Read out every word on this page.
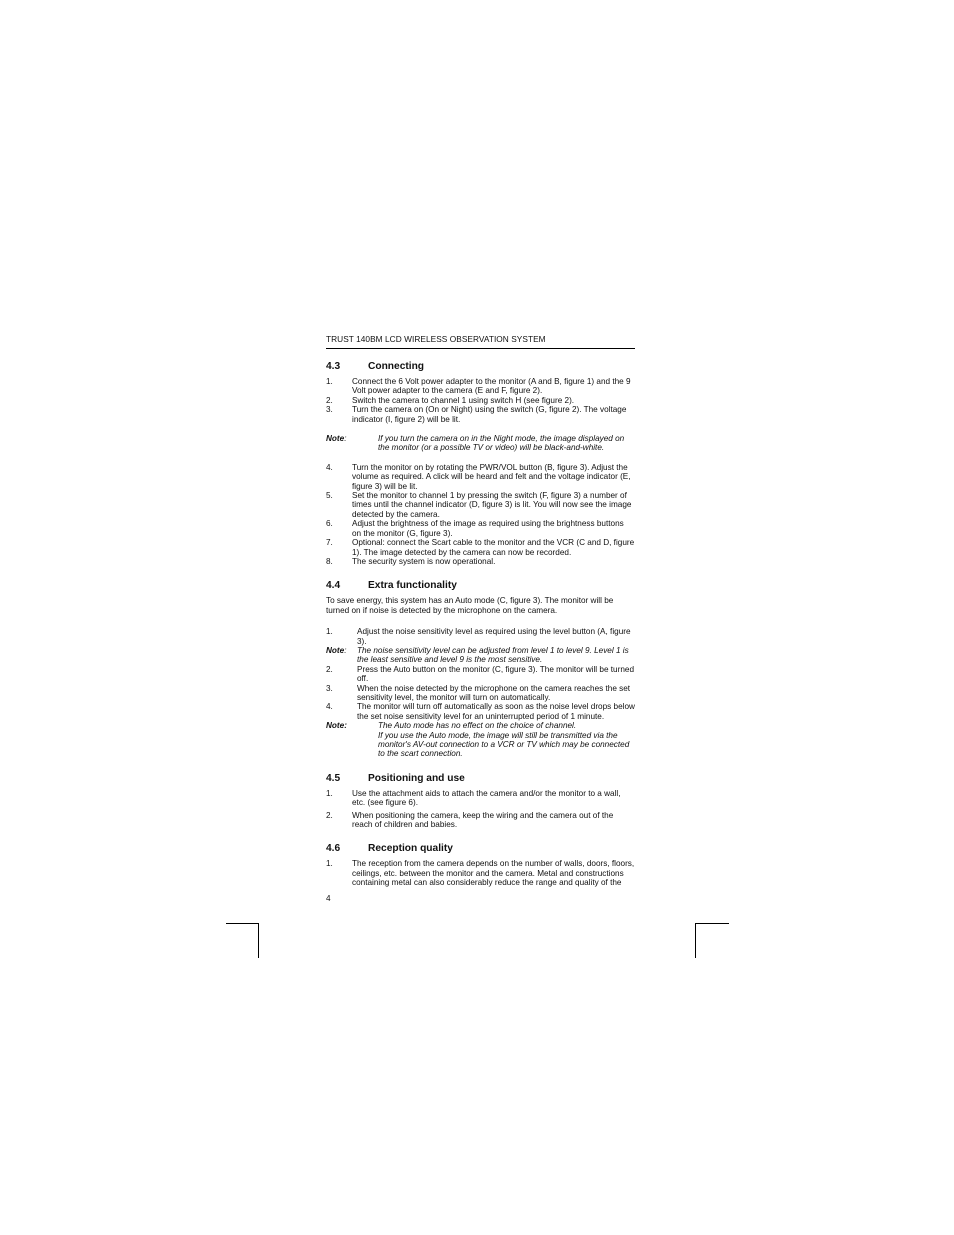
TRUST 140BM LCD WIRELESS OBSERVATION SYSTEM
4.3	Connecting
1.	Connect the 6 Volt power adapter to the monitor (A and B, figure 1) and the 9 Volt power adapter to the camera (E and F, figure 2).
2.	Switch the camera to channel 1 using switch H (see figure 2).
3.	Turn the camera on (On or Night) using the switch (G, figure 2). The voltage indicator (I, figure 2) will be lit.
Note:	If you turn the camera on in the Night mode, the image displayed on the monitor (or a possible TV or video) will be black-and-white.
4.	Turn the monitor on by rotating the PWR/VOL button (B, figure 3). Adjust the volume as required. A click will be heard and felt and the voltage indicator (E, figure 3) will be lit.
5.	Set the monitor to channel 1 by pressing the switch (F, figure 3) a number of times until the channel indicator (D, figure 3) is lit. You will now see the image detected by the camera.
6.	Adjust the brightness of the image as required using the brightness buttons on the monitor (G, figure 3).
7.	Optional: connect the Scart cable to the monitor and the VCR (C and D, figure 1). The image detected by the camera can now be recorded.
8.	The security system is now operational.
4.4	Extra functionality

To save energy, this system has an Auto mode (C, figure 3). The monitor will be turned on if noise is detected by the microphone on the camera.

1.	Adjust the noise sensitivity level as required using the level button (A, figure 3).
Note:	The noise sensitivity level can be adjusted from level 1 to level 9. Level 1 is the least sensitive and level 9 is the most sensitive.
2.	Press the Auto button on the monitor (C, figure 3). The monitor will be turned off.
3.	When the noise detected by the microphone on the camera reaches the set sensitivity level, the monitor will turn on automatically.
4.	The monitor will turn off automatically as soon as the noise level drops below the set noise sensitivity level for an uninterrupted period of 1 minute.
Note:	The Auto mode has no effect on the choice of channel.
If you use the Auto mode, the image will still be transmitted via the monitor's AV-out connection to a VCR or TV which may be connected to the scart connection.
4.5	Positioning and use
1.	Use the attachment aids to attach the camera and/or the monitor to a wall, etc. (see figure 6).
2.	When positioning the camera, keep the wiring and the camera out of the reach of children and babies.
4.6	Reception quality
1.	The reception from the camera depends on the number of walls, doors, floors, ceilings, etc. between the monitor and the camera. Metal and constructions containing metal can also considerably reduce the range and quality of the
4
